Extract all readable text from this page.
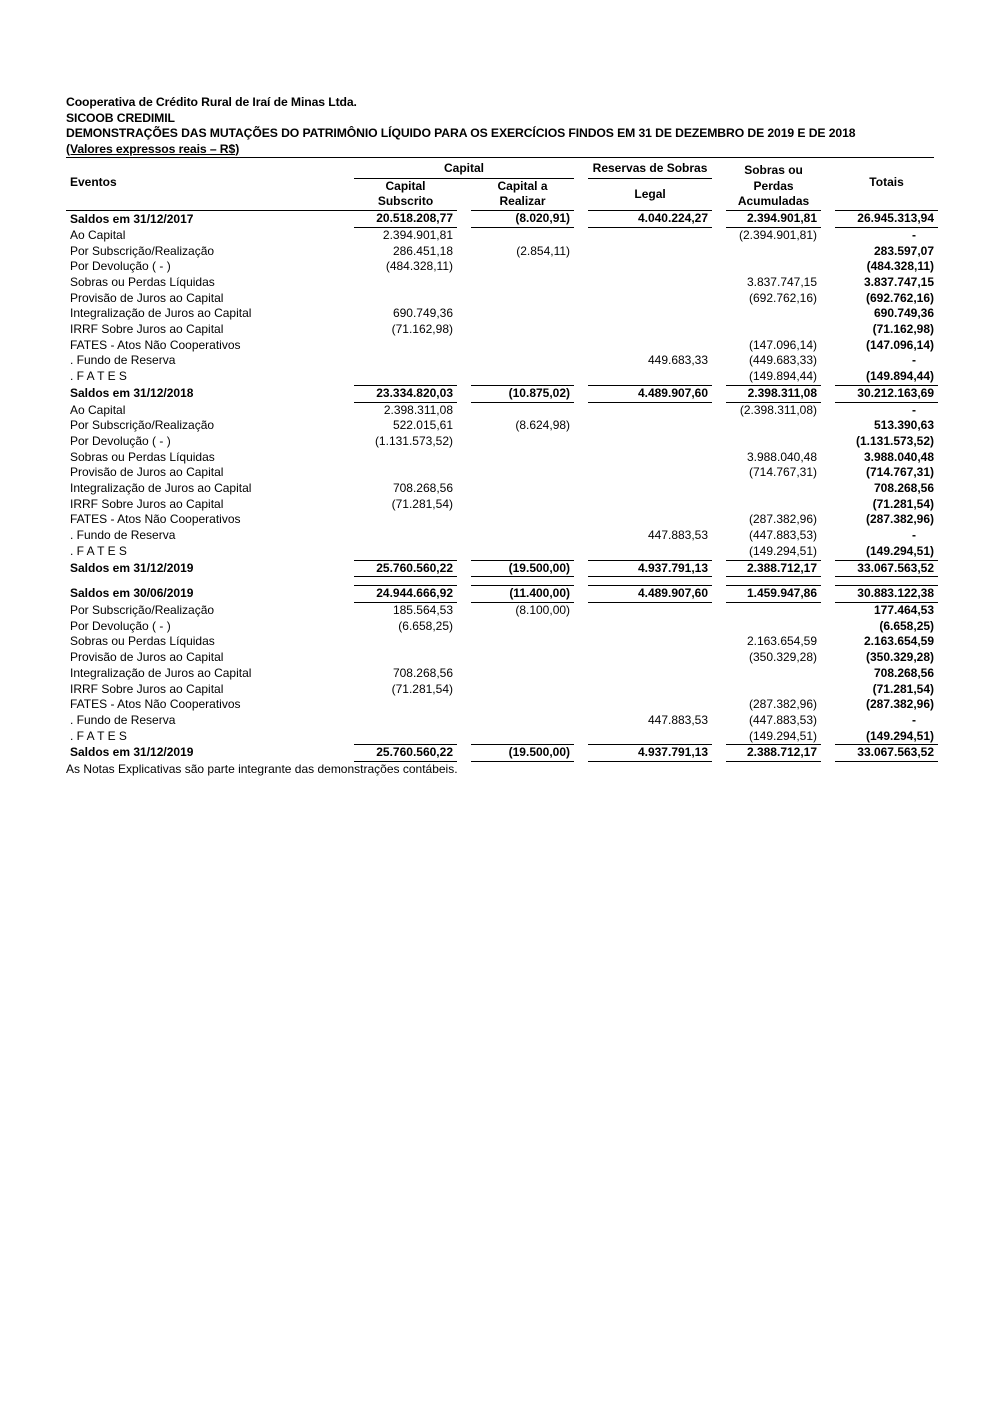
Cooperativa de Crédito Rural de Iraí de Minas Ltda.
SICOOB CREDIMIL
DEMONSTRAÇÕES DAS MUTAÇÕES DO PATRIMÔNIO LÍQUIDO PARA OS EXERCÍCIOS FINDOS EM 31 DE DEZEMBRO DE 2019 E DE 2018
(Valores expressos reais – R$)
Eventos	Capital				Reservas de Sobras		Sobras ou		Totais
	Capital		Capital a		Legal		Perdas		
	Subscrito		Realizar				Acumuladas		
Saldos em 31/12/2017	20.518.208,77		(8.020,91)		4.040.224,27		2.394.901,81		26.945.313,94
Ao Capital	2.394.901,81						(2.394.901,81)		-
Por Subscrição/Realização	286.451,18		(2.854,11)						283.597,07
Por Devolução ( - )	(484.328,11)								(484.328,11)
Sobras ou Perdas Líquidas							3.837.747,15		3.837.747,15
Provisão de Juros ao Capital							(692.762,16)		(692.762,16)
Integralização de Juros ao Capital	690.749,36								690.749,36
IRRF Sobre Juros ao Capital	(71.162,98)								(71.162,98)
FATES - Atos Não Cooperativos							(147.096,14)		(147.096,14)
. Fundo de Reserva					449.683,33		(449.683,33)		-
. F A T E S							(149.894,44)		(149.894,44)
Saldos em 31/12/2018	23.334.820,03		(10.875,02)		4.489.907,60		2.398.311,08		30.212.163,69
Ao Capital	2.398.311,08						(2.398.311,08)		-
Por Subscrição/Realização	522.015,61		(8.624,98)						513.390,63
Por Devolução ( - )	(1.131.573,52)								(1.131.573,52)
Sobras ou Perdas Líquidas							3.988.040,48		3.988.040,48
Provisão de Juros ao Capital							(714.767,31)		(714.767,31)
Integralização de Juros ao Capital	708.268,56								708.268,56
IRRF Sobre Juros ao Capital	(71.281,54)								(71.281,54)
FATES - Atos Não Cooperativos							(287.382,96)		(287.382,96)
. Fundo de Reserva					447.883,53		(447.883,53)		-
. F A T E S							(149.294,51)		(149.294,51)
Saldos em 31/12/2019	25.760.560,22		(19.500,00)		4.937.791,13		2.388.712,17		33.067.563,52

Saldos em 30/06/2019	24.944.666,92		(11.400,00)		4.489.907,60		1.459.947,86		30.883.122,38
Por Subscrição/Realização	185.564,53		(8.100,00)						177.464,53
Por Devolução ( - )	(6.658,25)								(6.658,25)
Sobras ou Perdas Líquidas							2.163.654,59		2.163.654,59
Provisão de Juros ao Capital							(350.329,28)		(350.329,28)
Integralização de Juros ao Capital	708.268,56								708.268,56
IRRF Sobre Juros ao Capital	(71.281,54)								(71.281,54)
FATES - Atos Não Cooperativos							(287.382,96)		(287.382,96)
. Fundo de Reserva					447.883,53		(447.883,53)		-
. F A T E S							(149.294,51)		(149.294,51)
Saldos em 31/12/2019	25.760.560,22		(19.500,00)		4.937.791,13		2.388.712,17		33.067.563,52
As Notas Explicativas são parte integrante das demonstrações contábeis.
